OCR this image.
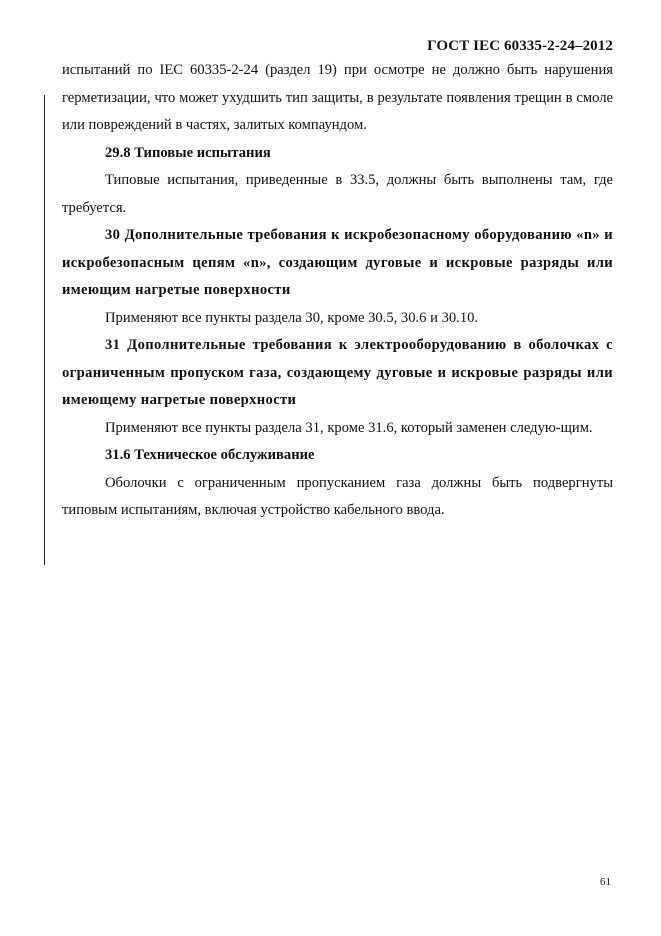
ГОСТ IEC 60335-2-24–2012

испытаний по IEC 60335-2-24 (раздел 19) при осмотре не должно быть нарушения герметизации, что может ухудшить тип защиты, в результате появления трещин в смоле или повреждений в частях, залитых компаундом.

29.8 Типовые испытания

Типовые испытания, приведенные в 33.5, должны быть выполнены там, где требуется.

30 Дополнительные требования к искробезопасному оборудованию «n» и искробезопасным цепям «n», создающим дуговые и искровые разряды или имеющим нагретые поверхности

Применяют все пункты раздела 30, кроме 30.5, 30.6 и 30.10.

31 Дополнительные требования к электрооборудованию в оболочках с ограниченным пропуском газа, создающему дуговые и искровые разряды или имеющему нагретые поверхности

Применяют все пункты раздела 31, кроме 31.6, который заменен следую-щим.

31.6 Техническое обслуживание

Оболочки с ограниченным пропусканием газа должны быть подвергнуты типовым испытаниям, включая устройство кабельного ввода.

61
